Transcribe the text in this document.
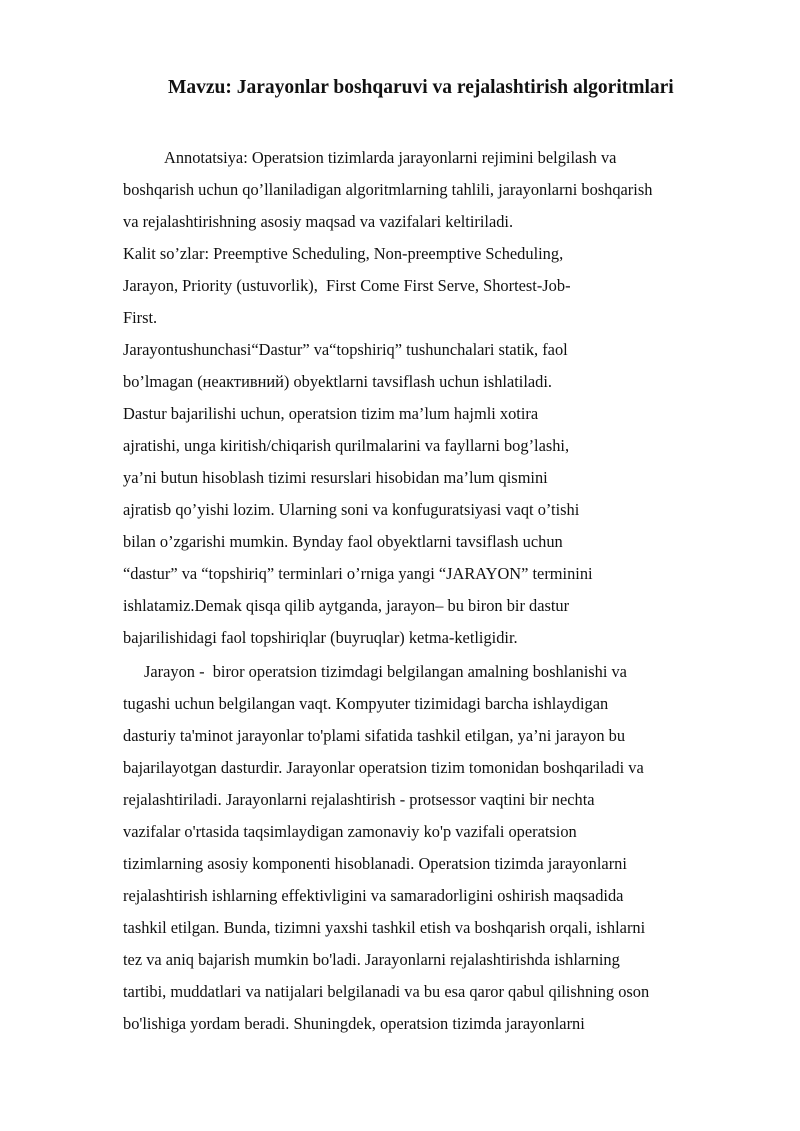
Mavzu: Jarayonlar boshqaruvi va rejalashtirish algoritmlari
Annotatsiya: Operatsion tizimlarda jarayonlarni rejimini belgilash va
boshqarish uchun qo’llaniladigan algoritmlarning tahlili, jarayonlarni boshqarish
va rejalashtirishning asosiy maqsad va vazifalari keltiriladi.
Kalit so’zlar: Preemptive Scheduling, Non-preemptive Scheduling,
Jarayon, Priority (ustuvorlik),  First Come First Serve, Shortest-Job-
First.
Jarayontushunchasi“Dastur” va“topshiriq” tushunchalari statik, faol
bo’lmagan (неактивний) obyektlarni tavsiflash uchun ishlatiladi.
Dastur bajarilishi uchun, operatsion tizim ma’lum hajmli xotira
ajratishi, unga kiritish/chiqarish qurilmalarini va fayllarni bog’lashi,
ya’ni butun hisoblash tizimi resurslari hisobidan ma’lum qismini
ajratisb qo’yishi lozim. Ularning soni va konfuguratsiyasi vaqt o’tishi
bilan o’zgarishi mumkin. Bynday faol obyektlarni tavsiflash uchun
“dastur” va “topshiriq” terminlari o’rniga yangi “JARAYON” terminini
ishlatamiz.Demak qisqa qilib aytganda, jarayon– bu biron bir dastur
bajarilishidagi faol topshiriqlar (buyruqlar) ketma-ketligidir.
Jarayon -  biror operatsion tizimdagi belgilangan amalning boshlanishi va
tugashi uchun belgilangan vaqt. Kompyuter tizimidagi barcha ishlaydigan
dasturiy ta'minot jarayonlar to'plami sifatida tashkil etilgan, ya’ni jarayon bu
bajarilayotgan dasturdir. Jarayonlar operatsion tizim tomonidan boshqariladi va
rejalashtiriladi. Jarayonlarni rejalashtirish - protsessor vaqtini bir nechta
vazifalar o'rtasida taqsimlaydigan zamonaviy ko'p vazifali operatsion
tizimlarning asosiy komponenti hisoblanadi. Operatsion tizimda jarayonlarni
rejalashtirish ishlarning effektivligini va samaradorligini oshirish maqsadida
tashkil etilgan. Bunda, tizimni yaxshi tashkil etish va boshqarish orqali, ishlarni
tez va aniq bajarish mumkin bo'ladi. Jarayonlarni rejalashtirishda ishlarning
tartibi, muddatlari va natijalari belgilanadi va bu esa qaror qabul qilishning oson
bo'lishiga yordam beradi. Shuningdek, operatsion tizimda jarayonlarni
